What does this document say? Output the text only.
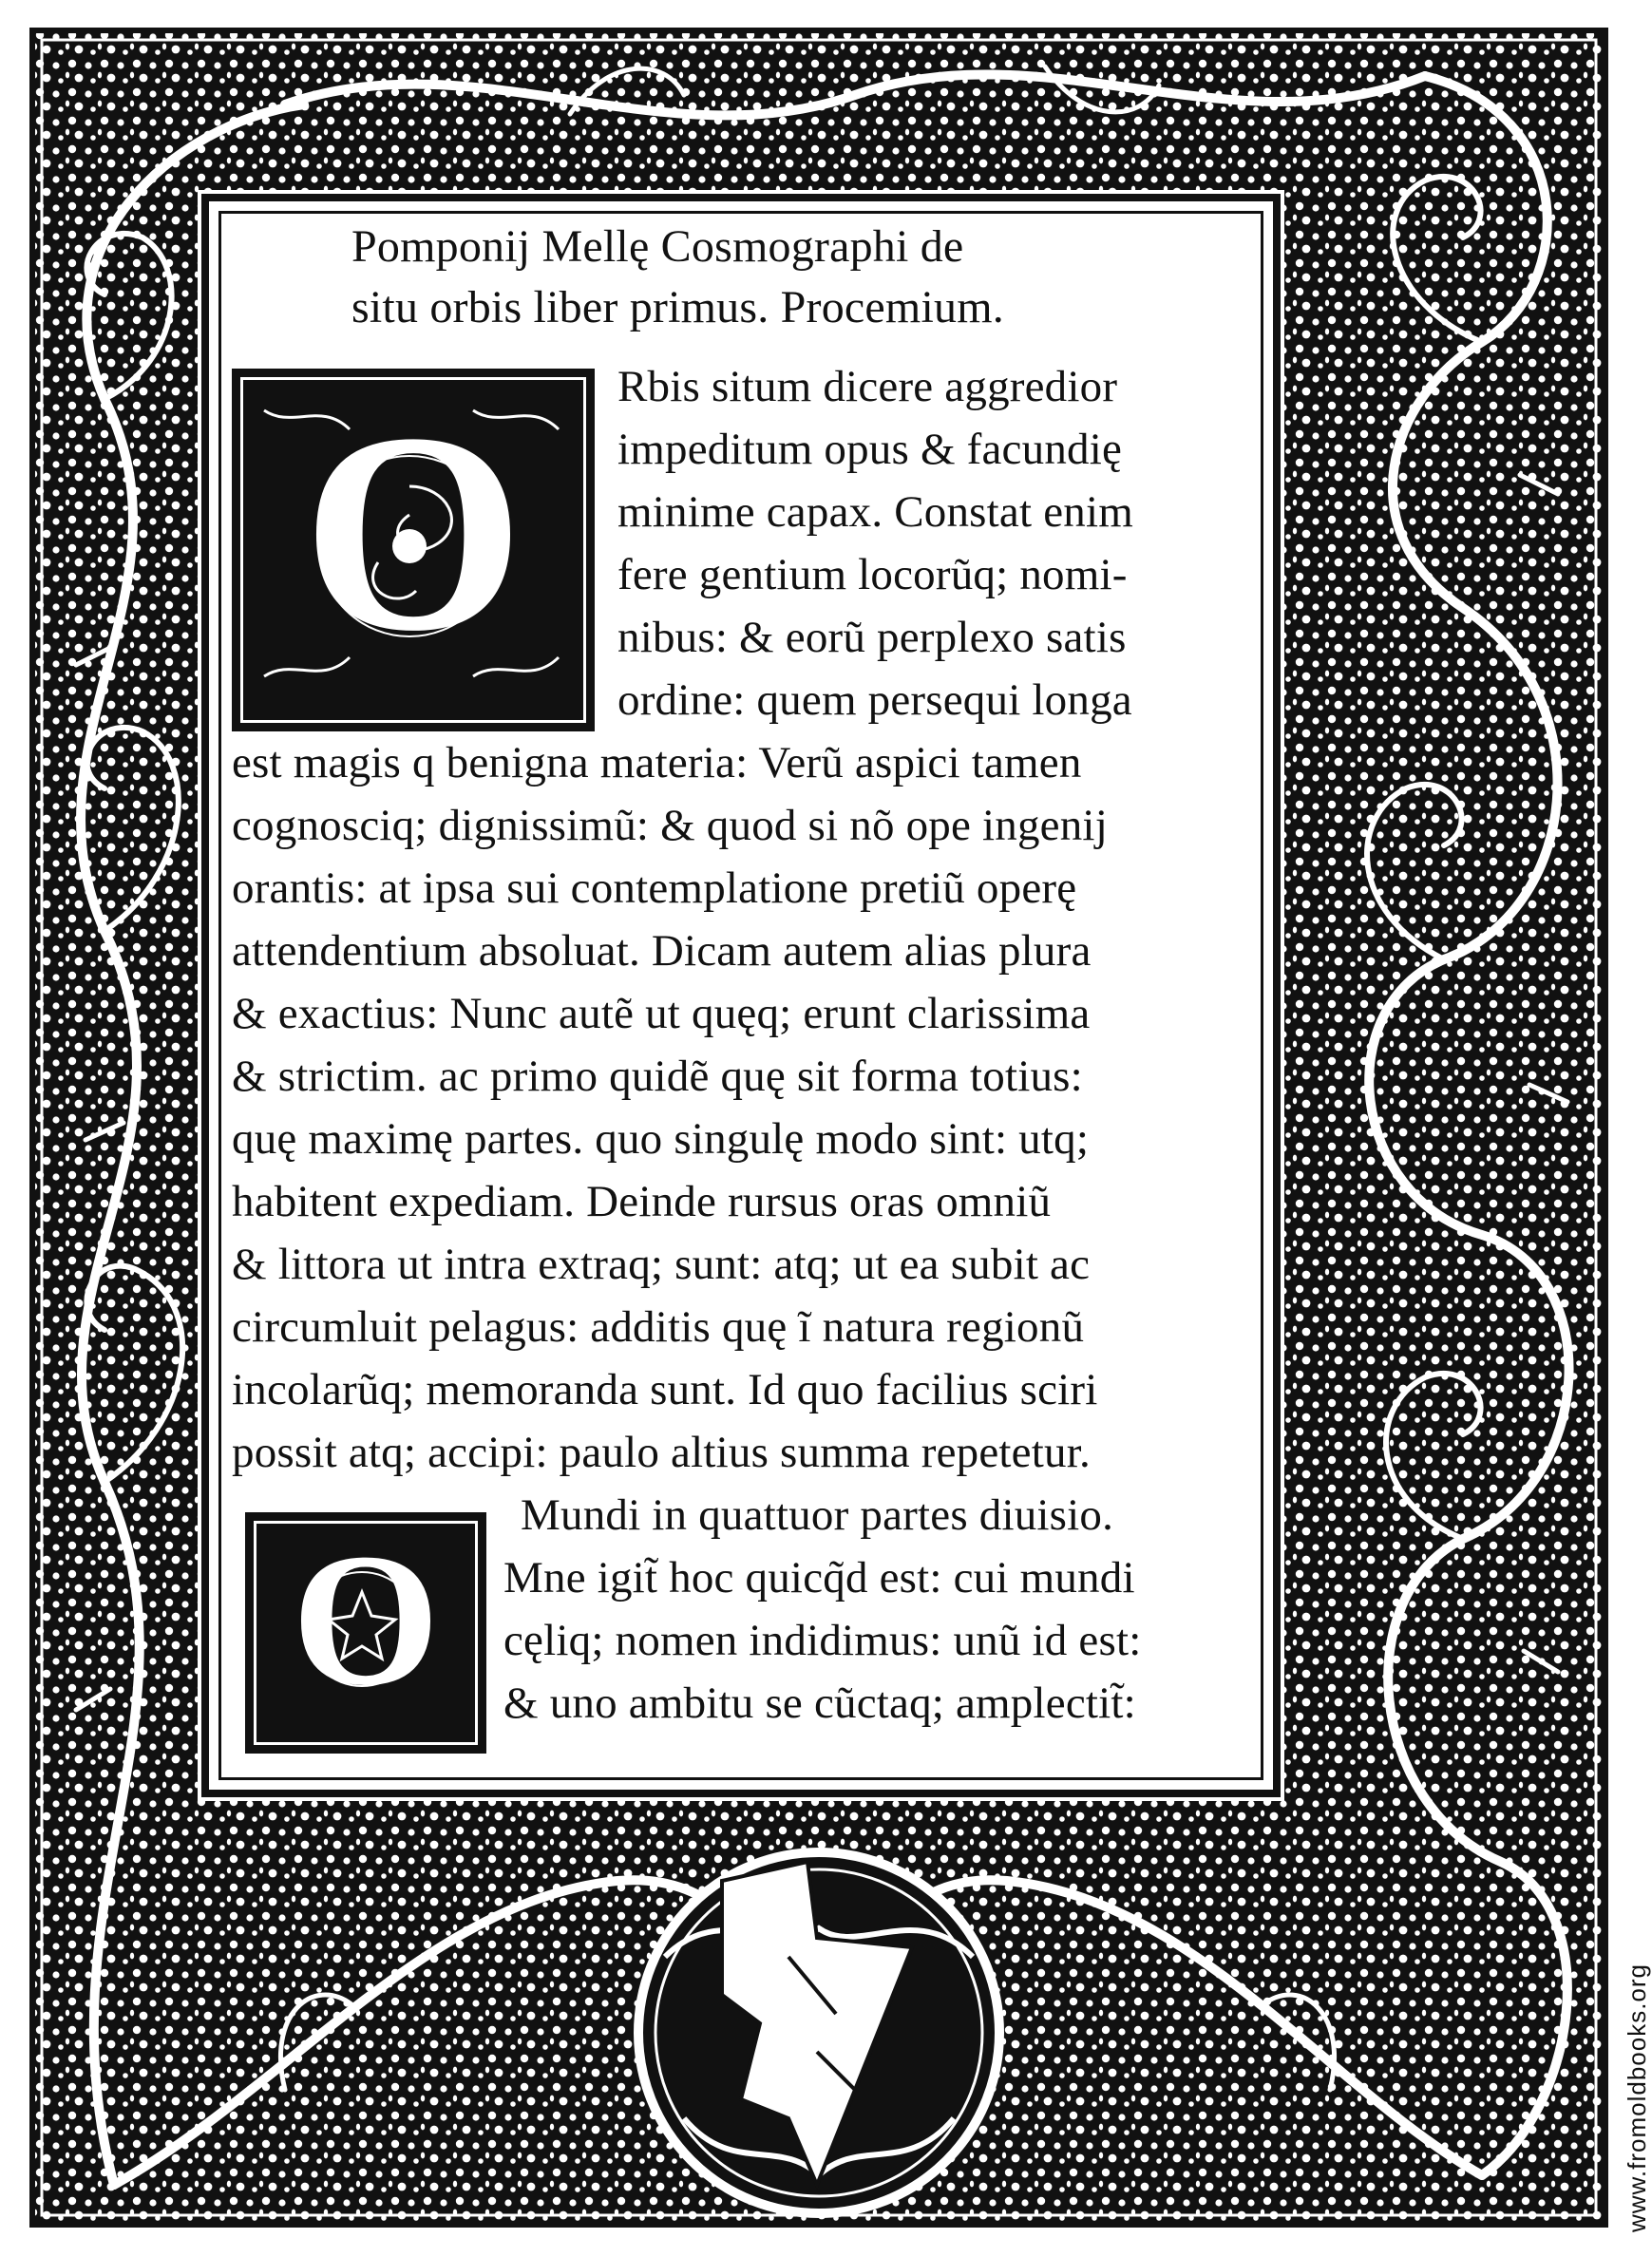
Pomponij Mellę Cosmographi de
situ orbis liber primus. Procemium.
O	Rbis situm dicere aggredior
impeditum opus & facundię
minime capax. Constat enim
fere gentium locorũq; nomi-
nibus: & eorũ perplexo satis
ordine: quem persequi longa
est magis q benigna materia: Verũ aspici tamen
cognosciq; dignissimũ: & quod si nõ ope ingenij
orantis: at ipsa sui contemplatione pretiũ operę
attendentium absoluat. Dicam autem alias plura
& exactius: Nunc autẽ ut quęq; erunt clarissima
& strictim. ac primo quidẽ quę sit forma totius:
quę maximę partes. quo singulę modo sint: utq;
habitent expediam. Deinde rursus oras omniũ
& littora ut intra extraq; sunt: atq; ut ea subit ac
circumluit pelagus: additis quę ĩ natura regionũ
incolarũq; memoranda sunt. Id quo facilius sciri
possit atq; accipi: paulo altius summa repetetur.
Mundi in quattuor partes diuisio.
O	Mne igit̃ hoc quicq̃d est: cui mundi
cęliq; nomen indidimus: unũ id est:
& uno ambitu se cũctaq; amplectit̃:
www.fromoldbooks.org
